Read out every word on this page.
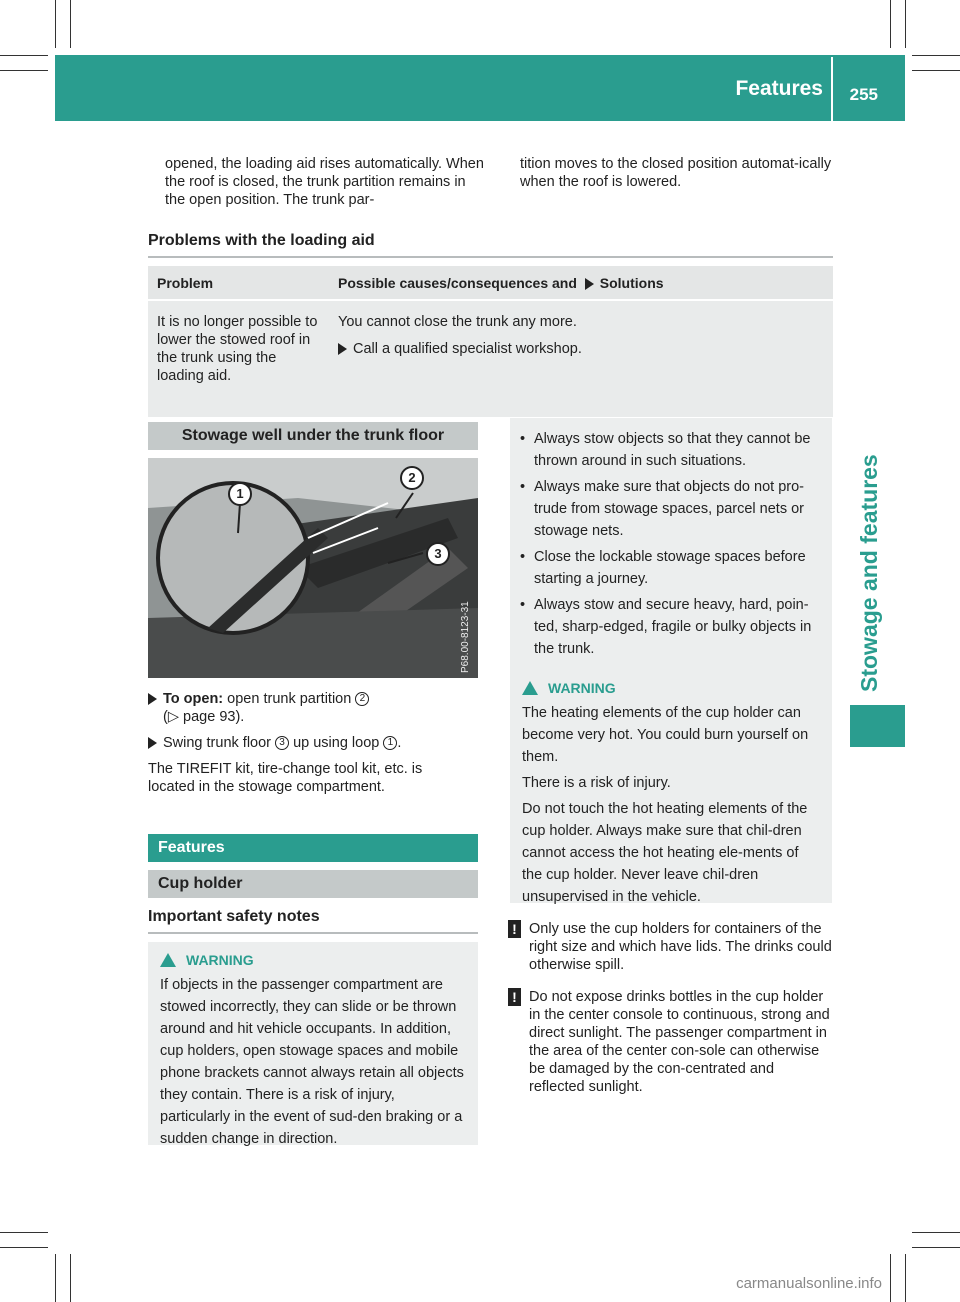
Features 255
Stowage and features
opened, the loading aid rises automatically. When the roof is closed, the trunk partition remains in the open position. The trunk par-
tition moves to the closed position automat-ically when the roof is lowered.
Problems with the loading aid
Problem	Possible causes/consequences and Solutions
It is no longer possible to lower the stowed roof in the trunk using the loading aid.
You cannot close the trunk any more.
Call a qualified specialist workshop.
Stowage well under the trunk floor
1
2
3
P68.00-8123-31
To open: open trunk partition 2
(▷ page 93).
Swing trunk floor 3 up using loop 1 .
The TIREFIT kit, tire-change tool kit, etc. is located in the stowage compartment.
Features
Cup holder
Important safety notes
WARNING
If objects in the passenger compartment are stowed incorrectly, they can slide or be thrown around and hit vehicle occupants. In addition, cup holders, open stowage spaces and mobile phone brackets cannot always retain all objects they contain. There is a risk of injury, particularly in the event of sud-den braking or a sudden change in direction.
• Always stow objects so that they cannot be thrown around in such situations.
• Always make sure that objects do not pro-trude from stowage spaces, parcel nets or stowage nets.
• Close the lockable stowage spaces before starting a journey.
• Always stow and secure heavy, hard, poin-ted, sharp-edged, fragile or bulky objects in the trunk.
WARNING
The heating elements of the cup holder can become very hot. You could burn yourself on them.
There is a risk of injury.
Do not touch the hot heating elements of the cup holder. Always make sure that chil-dren cannot access the hot heating ele-ments of the cup holder. Never leave chil-dren unsupervised in the vehicle.
! Only use the cup holders for containers of the right size and which have lids. The drinks could otherwise spill.
! Do not expose drinks bottles in the cup holder in the center console to continuous, strong and direct sunlight. The passenger compartment in the area of the center con-sole can otherwise be damaged by the con-centrated and reflected sunlight.
carmanualsonline.info
